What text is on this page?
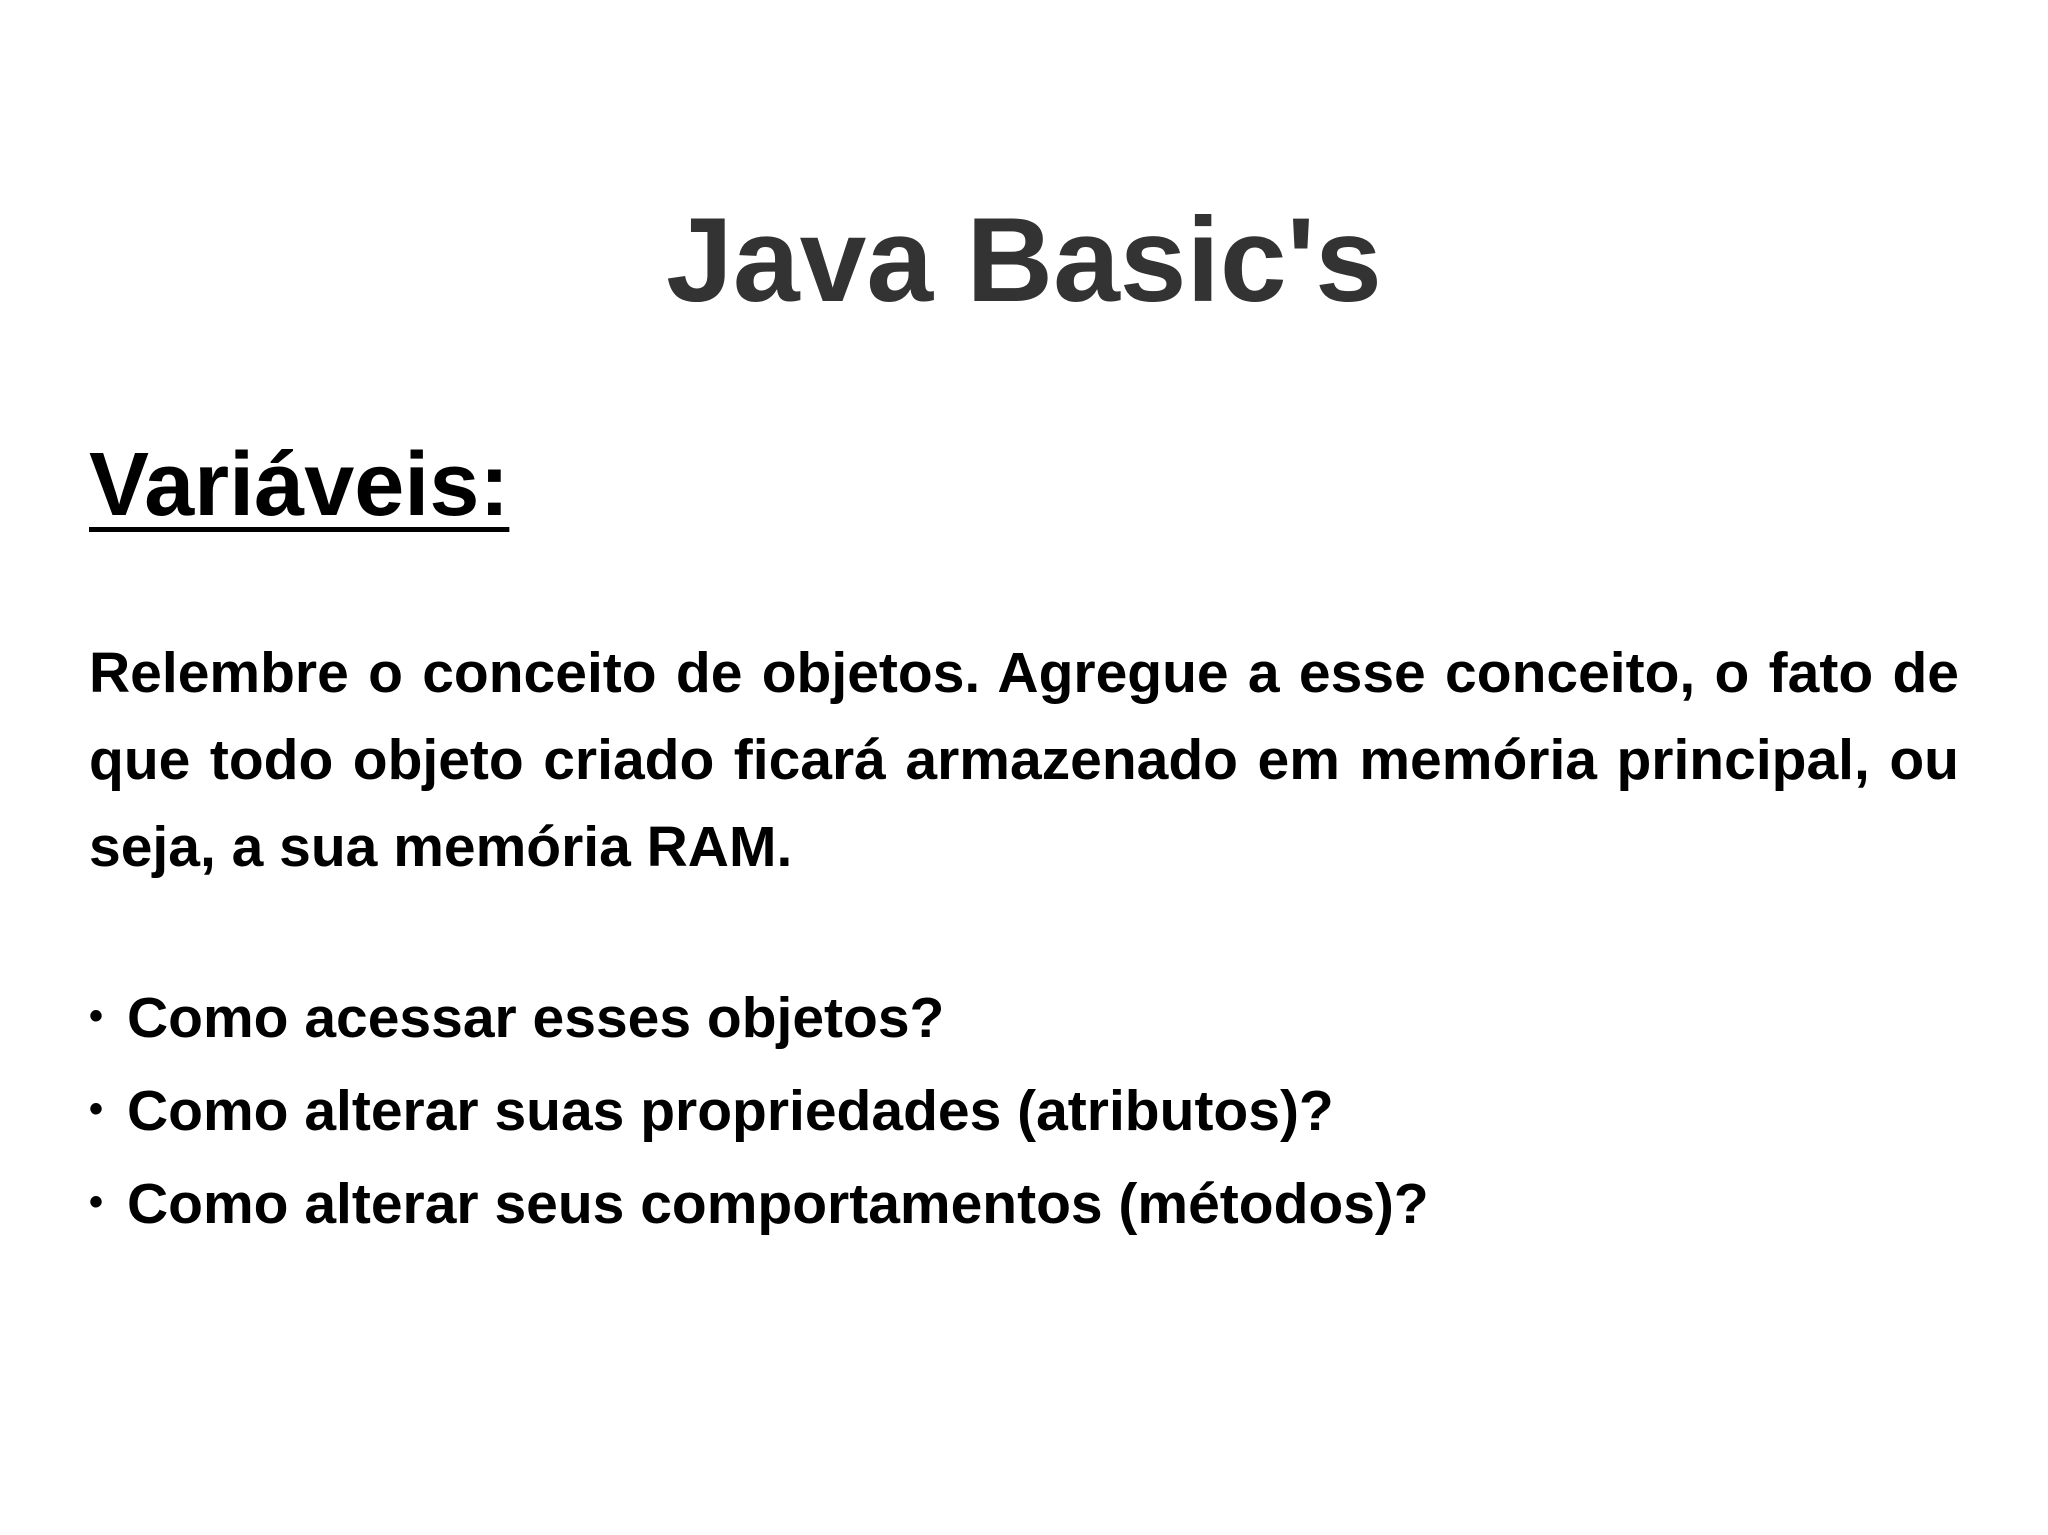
Java Basic's
Variáveis:

Relembre o conceito de objetos. Agregue a esse conceito, o fato de que todo objeto criado ficará armazenado em memória principal, ou seja, a sua memória RAM.

• Como acessar esses objetos?
• Como alterar suas propriedades (atributos)?
• Como alterar seus comportamentos (métodos)?
